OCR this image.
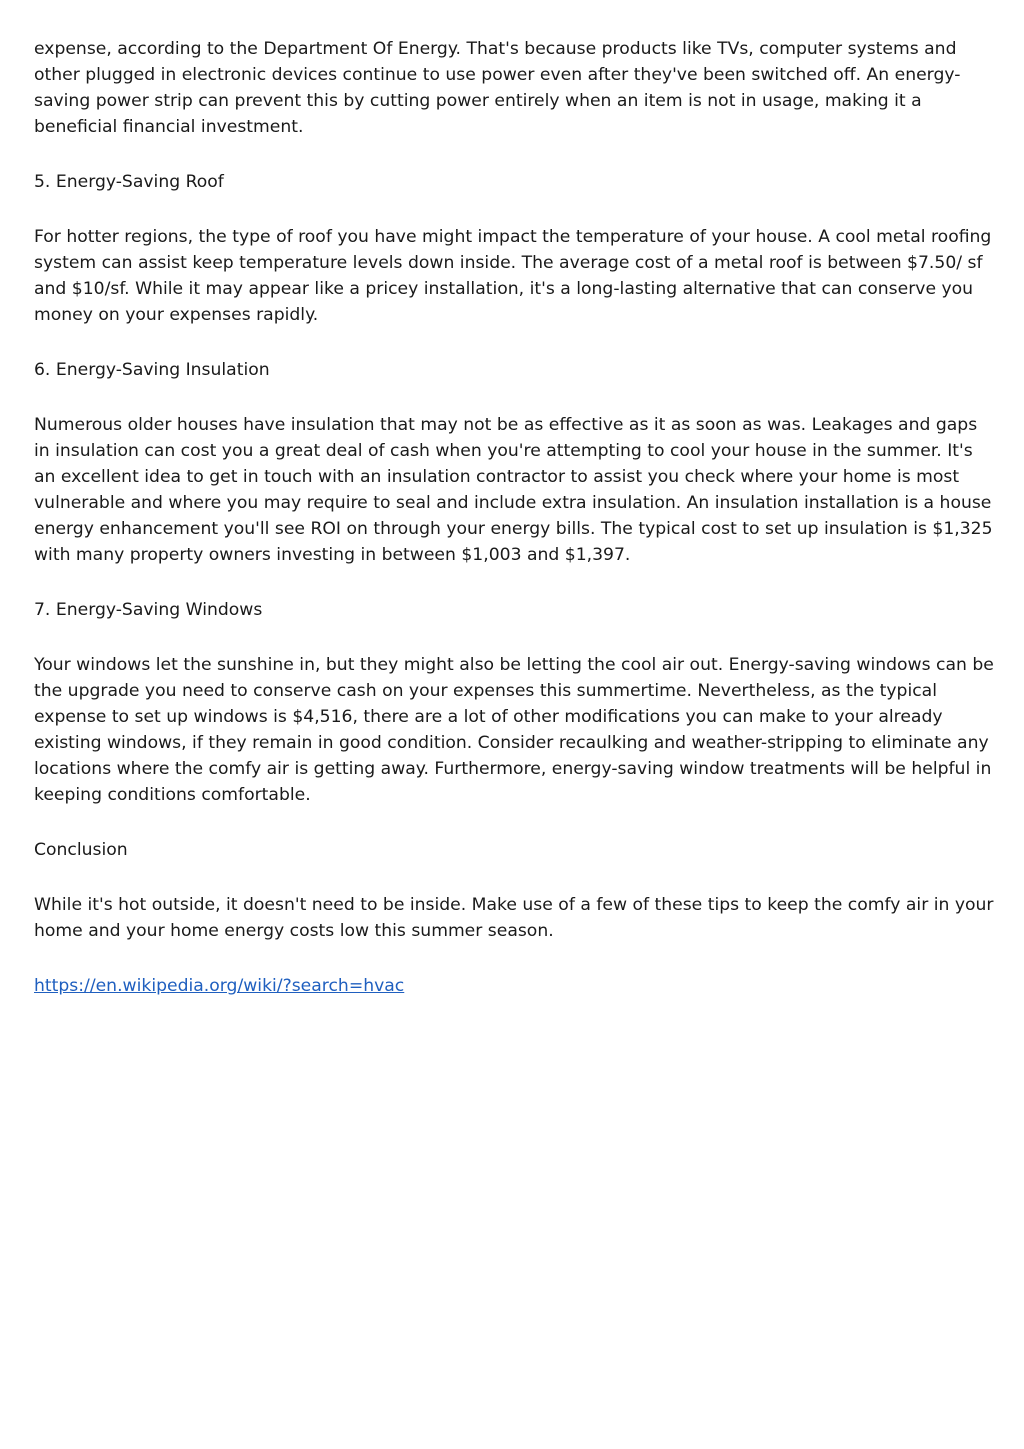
expense, according to the Department Of Energy. That's because products like TVs, computer systems and other plugged in electronic devices continue to use power even after they've been switched off. An energy-saving power strip can prevent this by cutting power entirely when an item is not in usage, making it a beneficial financial investment.

5. Energy-Saving Roof

For hotter regions, the type of roof you have might impact the temperature of your house. A cool metal roofing system can assist keep temperature levels down inside. The average cost of a metal roof is between $7.50/ sf and $10/sf. While it may appear like a pricey installation, it's a long-lasting alternative that can conserve you money on your expenses rapidly.

6. Energy-Saving Insulation

Numerous older houses have insulation that may not be as effective as it as soon as was. Leakages and gaps in insulation can cost you a great deal of cash when you're attempting to cool your house in the summer. It's an excellent idea to get in touch with an insulation contractor to assist you check where your home is most vulnerable and where you may require to seal and include extra insulation. An insulation installation is a house energy enhancement you'll see ROI on through your energy bills. The typical cost to set up insulation is $1,325 with many property owners investing in between $1,003 and $1,397.

7. Energy-Saving Windows

Your windows let the sunshine in, but they might also be letting the cool air out. Energy-saving windows can be the upgrade you need to conserve cash on your expenses this summertime. Nevertheless, as the typical expense to set up windows is $4,516, there are a lot of other modifications you can make to your already existing windows, if they remain in good condition. Consider recaulking and weather-stripping to eliminate any locations where the comfy air is getting away. Furthermore, energy-saving window treatments will be helpful in keeping conditions comfortable.

Conclusion

While it's hot outside, it doesn't need to be inside. Make use of a few of these tips to keep the comfy air in your home and your home energy costs low this summer season.

https://en.wikipedia.org/wiki/?search=hvac
